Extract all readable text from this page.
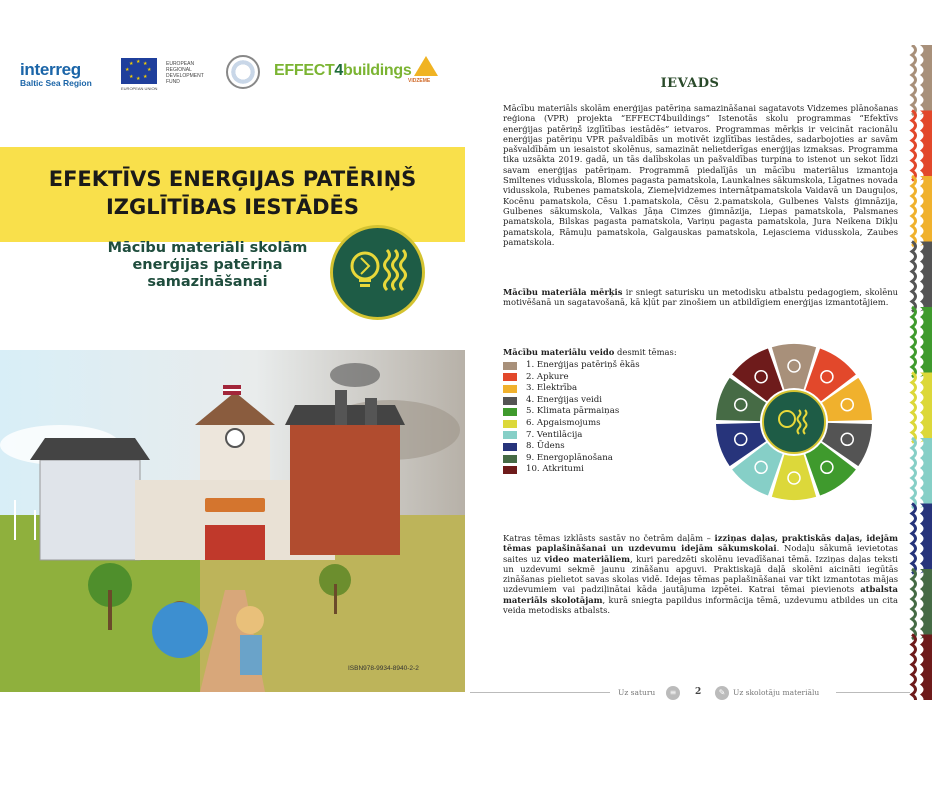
interreg
Baltic Sea Region
★ ★
★
★
★
★
★
★	EUROPEAN
REGIONAL
DEVELOPMENT
FUND
EUROPEAN UNION
EFFECT4buildings
VIDZEME
EFEKTĪVS ENERĢIJAS PATĒRIŅŠ
IZGLĪTĪBAS IESTĀDĒS
Mācību materiāli skolām
enerģijas patēriņa
samazināšanai
ISBN978-9934-8940-2-2
IEVADS
Mācību materiāls skolām enerģijas patēriņa samazināšanai sagatavots Vidzemes plānošanas reģiona (VPR) projekta “EFFECT4buildings” Istenotās skolu programmas “Efektīvs enerģijas patēriņš izglītības iestādēs” ietvaros. Programmas mērķis ir veicināt racionālu enerģijas patēriņu VPR pašvaldībās un motivēt izglītības iestādes, sadarbojoties ar savām pašvaldībām un iesaistot skolēnus, samazināt nelietderīgas enerģijas izmaksas. Programma tika uzsākta 2019. gadā, un tās dalībskolas un pašvaldības turpina to istenot un sekot līdzi savam enerģijas patēriņam. Programmā piedalījās un mācību materiālus izmantoja Smiltenes vidusskola, Blomes pagasta pamatskola, Launkalnes sākumskola, Līgatnes novada vidusskola, Rubenes pamatskola, Ziemeļvidzemes internātpamatskola Vaidavā un Dauguļos, Kocēnu pamatskola, Cēsu 1.pamatskola, Cēsu 2.pamatskola, Gulbenes Valsts ģimnāzija, Gulbenes sākumskola, Valkas Jāņa Cimzes ģimnāzija, Liepas pamatskola, Palsmanes pamatskola, Bilskas pagasta pamatskola, Variņu pagasta pamatskola, Jura Neikena Dikļu pamatskola, Rāmuļu pamatskola, Galgauskas pamatskola, Lejasciema vidusskola, Zaubes pamatskola.
Mācību materiāla mērķis ir sniegt saturisku un metodisku atbalstu pedagogiem, skolēnu motivēšanā un sagatavošanā, kā kļūt par zinošiem un atbildīgiem enerģijas izmantotājiem.
Mācību materiālu veido desmit tēmas:
1. Enerģijas patēriņš ēkās
2. Apkure
3. Elektrība
4. Enerģijas veidi
5. Klimata pārmaiņas
6. Apgaismojums
7. Ventilācija
8. Ūdens
9. Energoplānošana
10. Atkritumi
Katras tēmas izklāsts sastāv no četrām daļām – izziņas daļas, praktiskās daļas, idejām tēmas paplašināšanai un uzdevumu idejām sākumskolai. Nodaļu sākumā ievietotas saites uz video materiāliem, kuri paredzēti skolēnu ievadīšanai tēmā. Izziņas daļas teksti un uzdevumi sekmē jaunu zināšanu apguvi. Praktiskajā daļā skolēni aicināti iegūtās zināšanas pielietot savas skolas vidē. Idejas tēmas paplašināšanai var tikt izmantotas mājas uzdevumiem vai padziļinātai kāda jautājuma izpētei. Katrai tēmai pievienots atbalsta materiāls skolotājam, kurā sniegta papildus informācija tēmā, uzdevumu atbildes un cita veida metodisks atbalsts.
Uz saturu	≡	2	✎	Uz skolotāju materiālu
